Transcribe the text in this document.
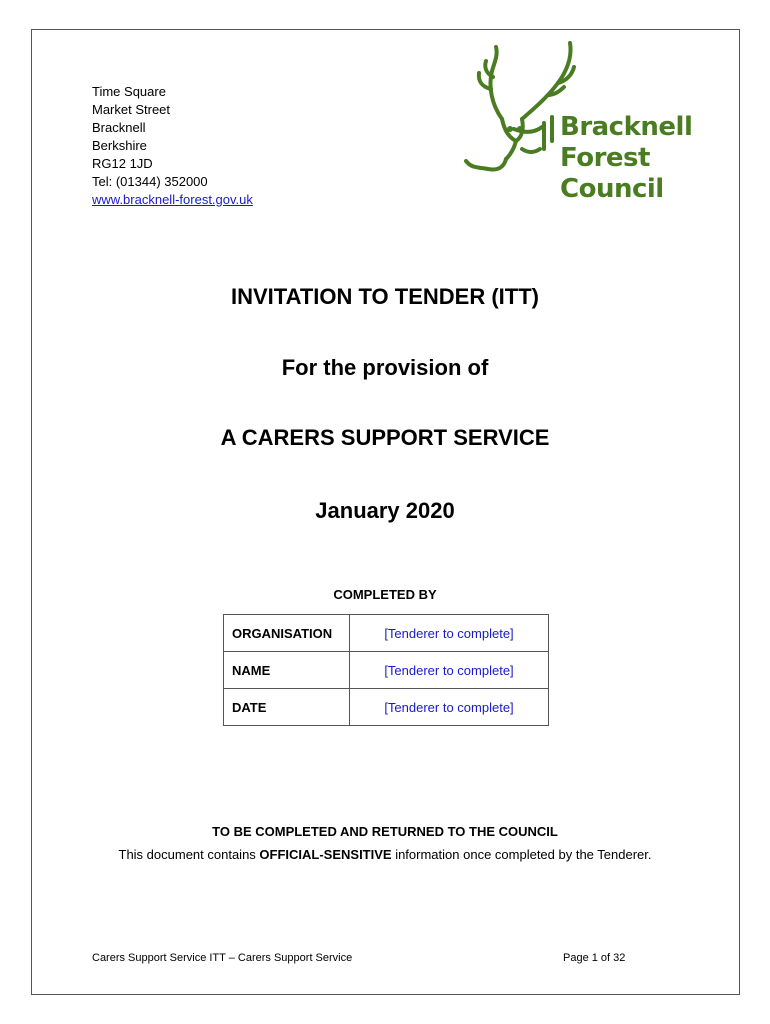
Time Square
Market Street
Bracknell
Berkshire
RG12 1JD
Tel: (01344) 352000
www.bracknell-forest.gov.uk
Bracknell
Forest
Council
INVITATION TO TENDER (ITT)
For the provision of
A CARERS SUPPORT SERVICE
January 2020
COMPLETED BY
ORGANISATION	[Tenderer to complete]
NAME	[Tenderer to complete]
DATE	[Tenderer to complete]
TO BE COMPLETED AND RETURNED TO THE COUNCIL
This document contains OFFICIAL-SENSITIVE information once completed by the Tenderer.
Carers Support Service ITT – Carers Support Service	Page 1 of 32
